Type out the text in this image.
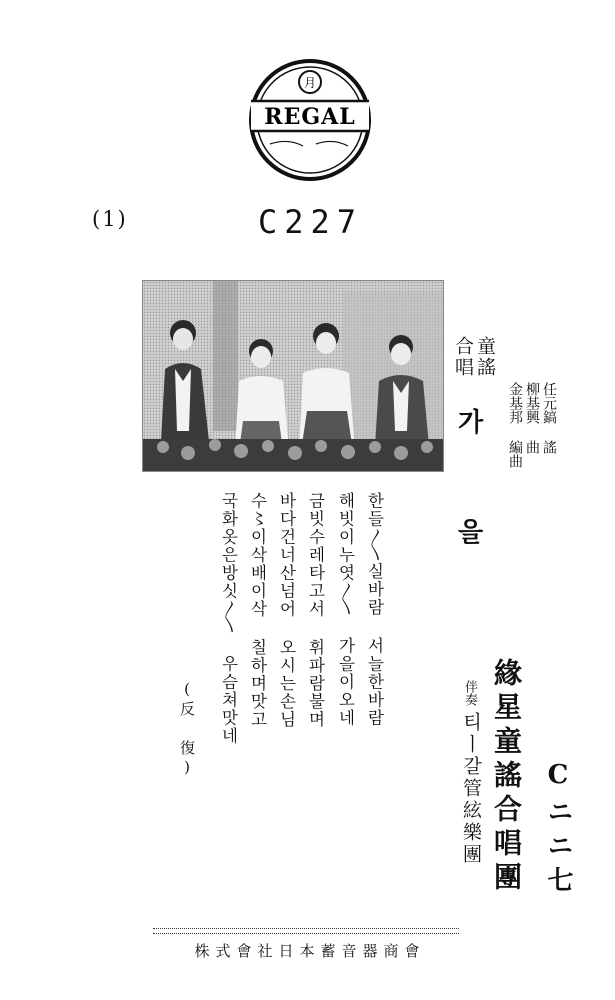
月
REGAL
(1)	C227
童謠
合唱
가
을
任元鎬 謠
柳基興 曲
金基邦 編曲
한들〳〵실바람 서늘한바람
해빗이누엿〳〵 가을이오네
금빗수레타고서 휘파람불며
바다건너산넘어 오시는손님
수〻이삭배이삭 칠하며맛고
국화옷은방싯〳〵 우슴쳐맛네
(反 復)	緣星童謠合唱團
伴奏
티ㅣ갈管絃樂團 Cニニ七
株式會社日本蓄音器商會
